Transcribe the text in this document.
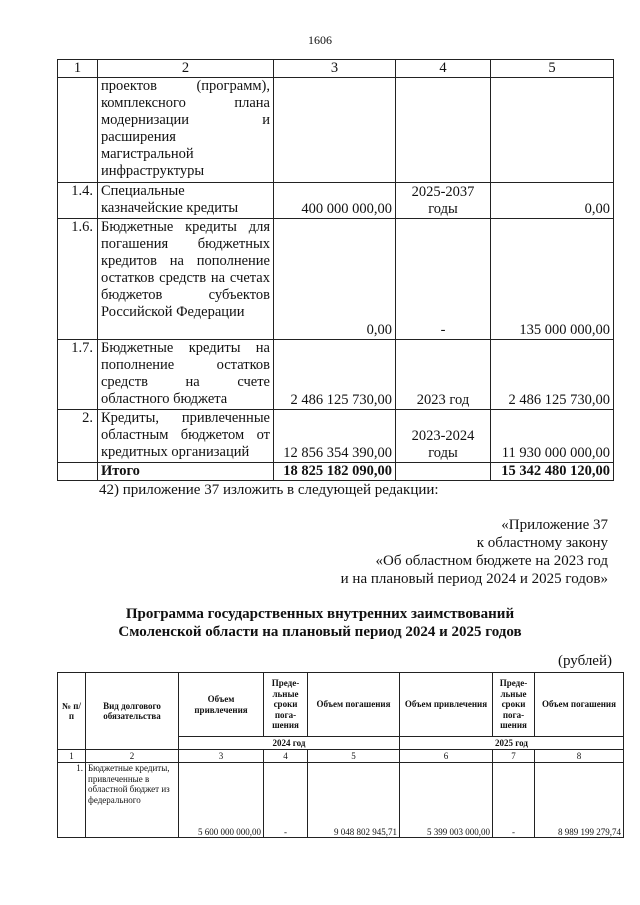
1606
1	2	3	4	5
	проектов (программ), комплексного плана модернизации и расширения магистральной инфраструктуры			
1.4.	Специальные казначейские кредиты	400 000 000,00	2025-2037 годы	0,00
1.6.	Бюджетные кредиты для погашения бюджетных кредитов на пополнение остатков средств на счетах бюджетов субъектов Российской Федерации	0,00	-	135 000 000,00
1.7.	Бюджетные кредиты на пополнение остатков средств на счете областного бюджета	2 486 125 730,00	2023 год	2 486 125 730,00
2.	Кредиты, привлеченные областным бюджетом от кредитных организаций	12 856 354 390,00	2023-2024 годы	11 930 000 000,00
	Итого	18 825 182 090,00		15 342 480 120,00
42) приложение 37 изложить в следующей редакции:
«Приложение 37
к областному закону
«Об областном бюджете на 2023 год
и на плановый период 2024 и 2025 годов»
Программа государственных внутренних заимствований
Смоленской области на плановый период 2024 и 2025 годов
(рублей)
№ п/п	Вид долгового обязательства	Объем привлечения	Преде-льные сроки пога-шения	Объем погашения	Объем привлечения	Преде-льные сроки пога-шения	Объем погашения
		2024 год			2025 год		
1	2	3	4	5	6	7	8
1.	Бюджетные кредиты, привлеченные в областной бюджет из федерального	5 600 000 000,00	-	9 048 802 945,71	5 399 003 000,00	-	8 989 199 279,74
